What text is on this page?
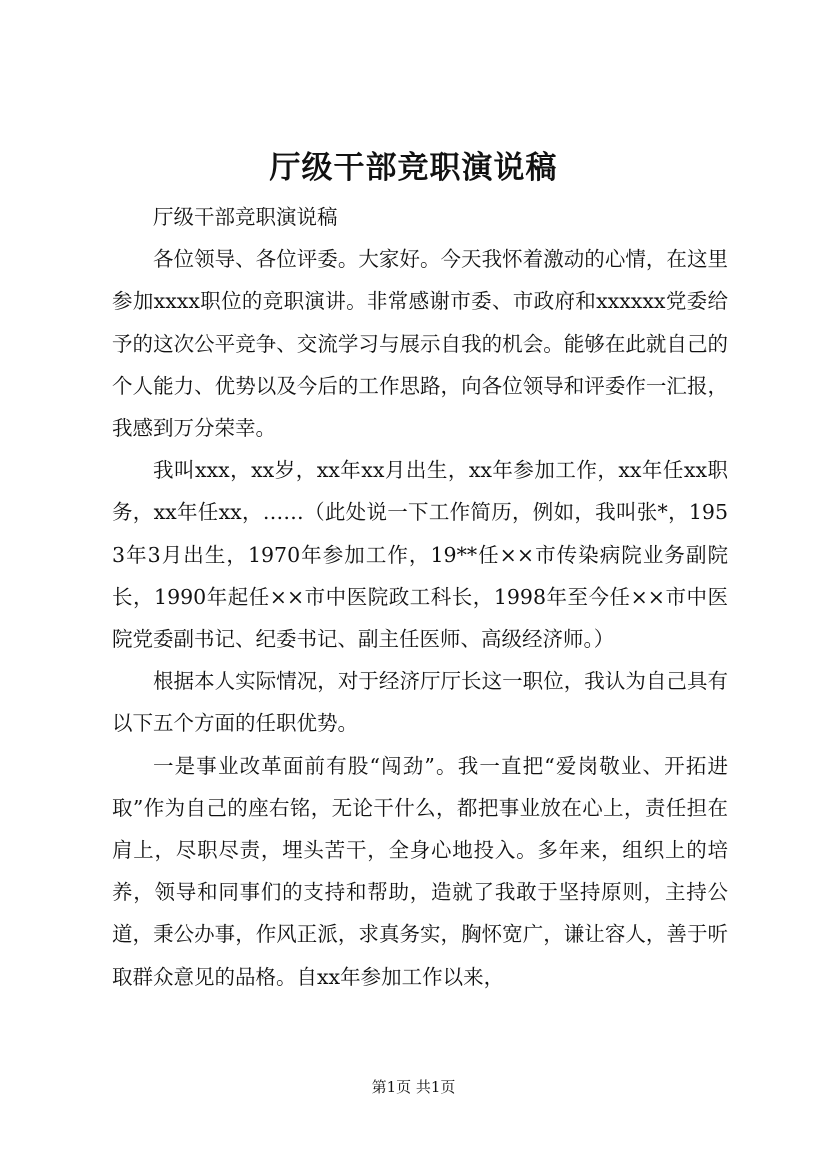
厅级干部竞职演说稿

厅级干部竞职演说稿

各位领导、各位评委。大家好。今天我怀着激动的心情，在这里参加xxxx职位的竞职演讲。非常感谢市委、市政府和xxxxxx党委给予的这次公平竞争、交流学习与展示自我的机会。能够在此就自己的个人能力、优势以及今后的工作思路，向各位领导和评委作一汇报，我感到万分荣幸。

我叫xxx，xx岁，xx年xx月出生，xx年参加工作，xx年任xx职务，xx年任xx，……（此处说一下工作简历，例如，我叫张*，1953年3月出生，1970年参加工作，19**任××市传染病院业务副院长，1990年起任××市中医院政工科长，1998年至今任××市中医院党委副书记、纪委书记、副主任医师、高级经济师。）

根据本人实际情况，对于经济厅厅长这一职位，我认为自己具有以下五个方面的任职优势。

一是事业改革面前有股“闯劲”。我一直把“爱岗敬业、开拓进取”作为自己的座右铭，无论干什么，都把事业放在心上，责任担在肩上，尽职尽责，埋头苦干，全身心地投入。多年来，组织上的培养，领导和同事们的支持和帮助，造就了我敢于坚持原则，主持公道，秉公办事，作风正派，求真务实，胸怀宽广，谦让容人，善于听取群众意见的品格。自xx年参加工作以来，

第1页 共1页
